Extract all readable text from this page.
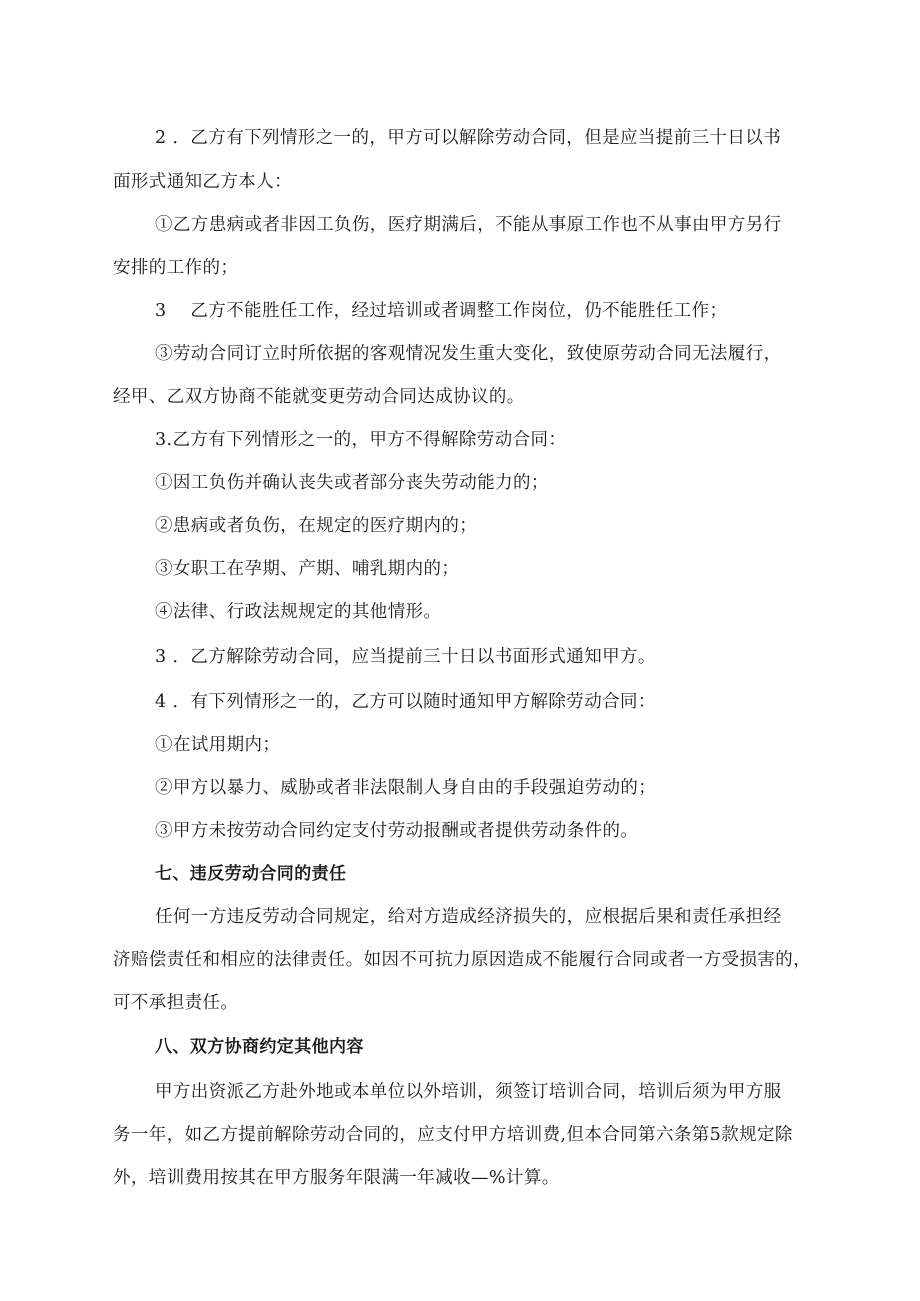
2 ．乙方有下列情形之一的，甲方可以解除劳动合同，但是应当提前三十日以书
面形式通知乙方本人：
①乙方患病或者非因工负伤，医疗期满后，不能从事原工作也不从事由甲方另行
安排的工作的；
3　 乙方不能胜任工作，经过培训或者调整工作岗位，仍不能胜任工作；
③劳动合同订立时所依据的客观情况发生重大变化，致使原劳动合同无法履行，
经甲、乙双方协商不能就变更劳动合同达成协议的。
3.乙方有下列情形之一的，甲方不得解除劳动合同：
①因工负伤并确认丧失或者部分丧失劳动能力的；
②患病或者负伤，在规定的医疗期内的；
③女职工在孕期、产期、哺乳期内的；
④法律、行政法规规定的其他情形。
3 ．乙方解除劳动合同，应当提前三十日以书面形式通知甲方。
4 ．有下列情形之一的，乙方可以随时通知甲方解除劳动合同：
①在试用期内；
②甲方以暴力、威胁或者非法限制人身自由的手段强迫劳动的；
③甲方未按劳动合同约定支付劳动报酬或者提供劳动条件的。
七、违反劳动合同的责任
任何一方违反劳动合同规定，给对方造成经济损失的，应根据后果和责任承担经
济赔偿责任和相应的法律责任。如因不可抗力原因造成不能履行合同或者一方受损害的，
可不承担责任。
八、双方协商约定其他内容
甲方出资派乙方赴外地或本单位以外培训，须签订培训合同，培训后须为甲方服
务一年，如乙方提前解除劳动合同的，应支付甲方培训费,但本合同第六条第5款规定除
外，培训费用按其在甲方服务年限满一年减收—%计算。
